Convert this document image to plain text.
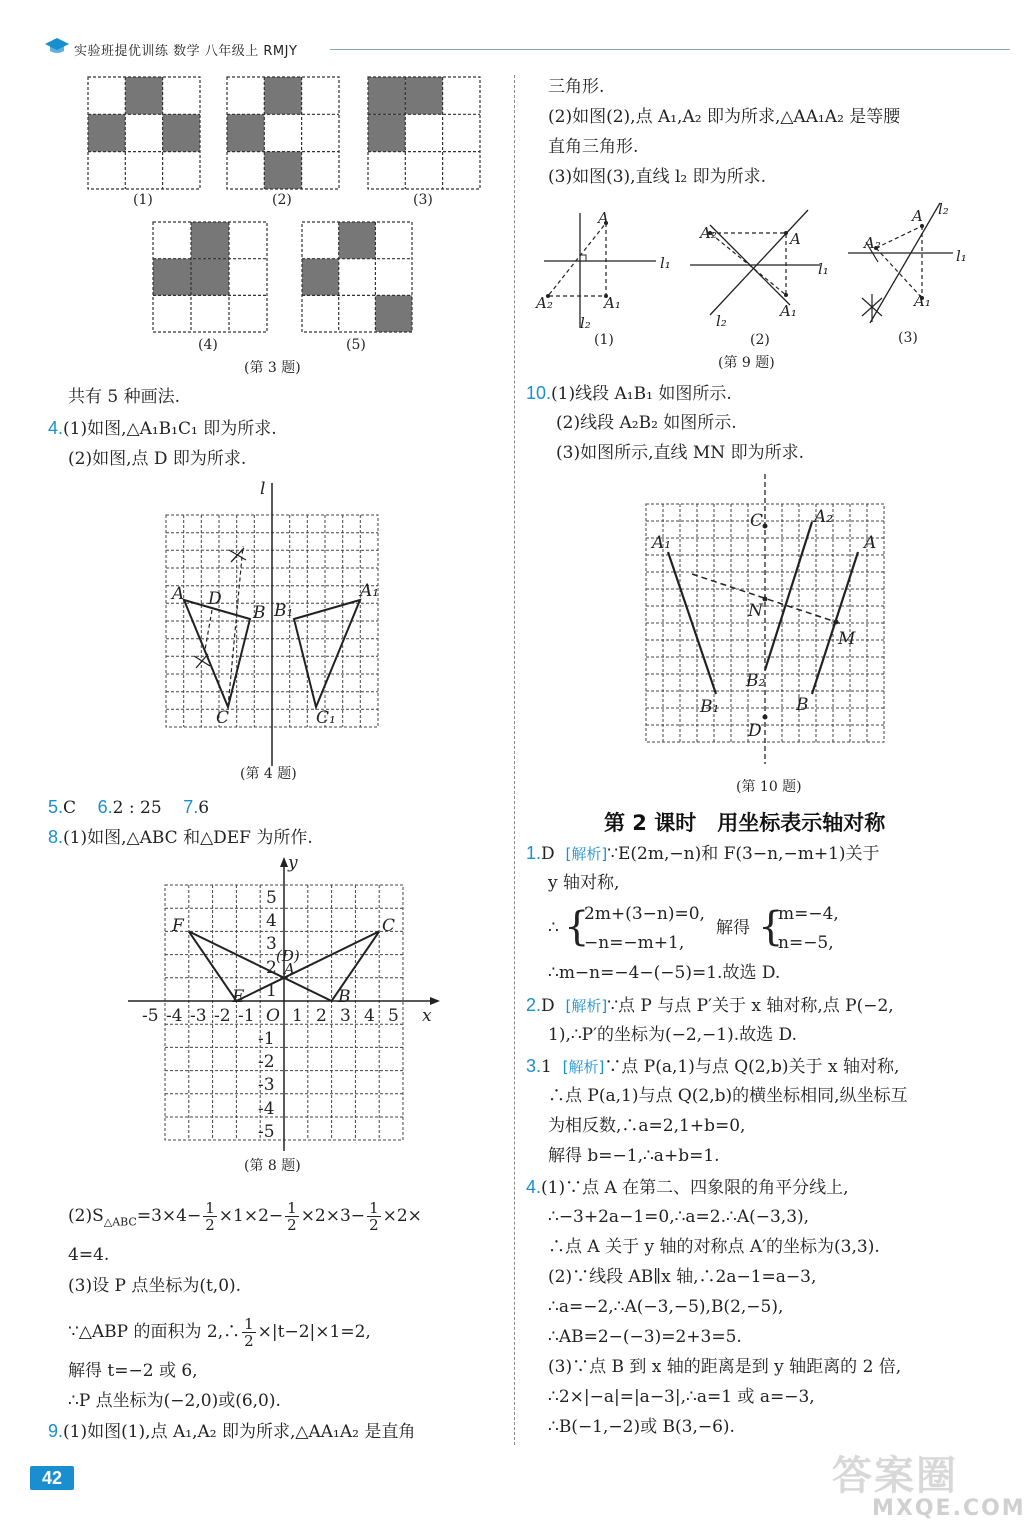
实验班提优训练 数学 八年级上 RMJY
(1)	(2)	(3)
(4)	(5)
(第 3 题)
共有 5 种画法.
4.(1)如图,△A₁B₁C₁ 即为所求.
(2)如图,点 D 即为所求.
l
A D
B B₁
A₁
C	C₁
(第 4 题)
5.C 6.2 : 25 7.6
8.(1)如图,△ABC 和△DEF 为所作.
y
x
O
-5 -4 -3 -2 -1 1 2 3 4 5
5
4
3
2
1
-1
-2
-3
-4
-5
F	C
(D)
A
E	B
(第 8 题)
$(2)S_{\triangle ABC}=3\times 4- \frac{1}{2} \times 1\times 2- \frac{1}{2} \times 2\times 3- \frac{1}{2} \times 2\times$
4=4.
(3)设 P 点坐标为(t,0).
∵△ABP 的面积为 2,∴ $\frac{1}{2} \times|t-2|\times 1=2$,
解得 t=−2 或 6,
∴P 点坐标为(−2,0)或(6,0).
9.(1)如图(1),点 A₁,A₂ 即为所求,△AA₁A₂ 是直角
三角形.
(2)如图(2),点 A₁,A₂ 即为所求,△AA₁A₂ 是等腰
直角三角形.
(3)如图(3),直线 l₂ 即为所求.
A
l₁
A₂	A₁
l₂
(1)
A₂	A
l₁
A₁
l₂
(2)
(第 9 题)
A l₂
A₂
l₁
A₁
(3)
10.(1)线段 A₁B₁ 如图所示.
(2)线段 A₂B₂ 如图所示.
(3)如图所示,直线 MN 即为所求.
C	A₂
A₁	A
N
M
B₂
B₁	B
D
(第 10 题)
第 2 课时　用坐标表示轴对称
1.D [解析]∵E(2m,−n)和 F(3−n,−m+1)关于
y 轴对称,
∴ {
2m+(3−n)=0,
−n=−m+1,
解得 {
m=−4,
n=−5,
∴m−n=−4−(−5)=1.故选 D.
2.D [解析]∵点 P 与点 P′关于 x 轴对称,点 P(−2,
1),∴P′的坐标为(−2,−1).故选 D.
3.1 [解析]∵点 P(a,1)与点 Q(2,b)关于 x 轴对称,
∴点 P(a,1)与点 Q(2,b)的横坐标相同,纵坐标互
为相反数,∴a=2,1+b=0,
解得 b=−1,∴a+b=1.
4.(1)∵点 A 在第二、四象限的角平分线上,
∴−3+2a−1=0,∴a=2.∴A(−3,3),
∴点 A 关于 y 轴的对称点 A′的坐标为(3,3).
(2)∵线段 AB∥x 轴,∴2a−1=a−3,
∴a=−2,∴A(−3,−5),B(2,−5),
∴AB=2−(−3)=2+3=5.
(3)∵点 B 到 x 轴的距离是到 y 轴距离的 2 倍,
∴2×|−a|=|a−3|,∴a=1 或 a=−3,
∴B(−1,−2)或 B(3,−6).
42	答案圈
MXQE.COM
